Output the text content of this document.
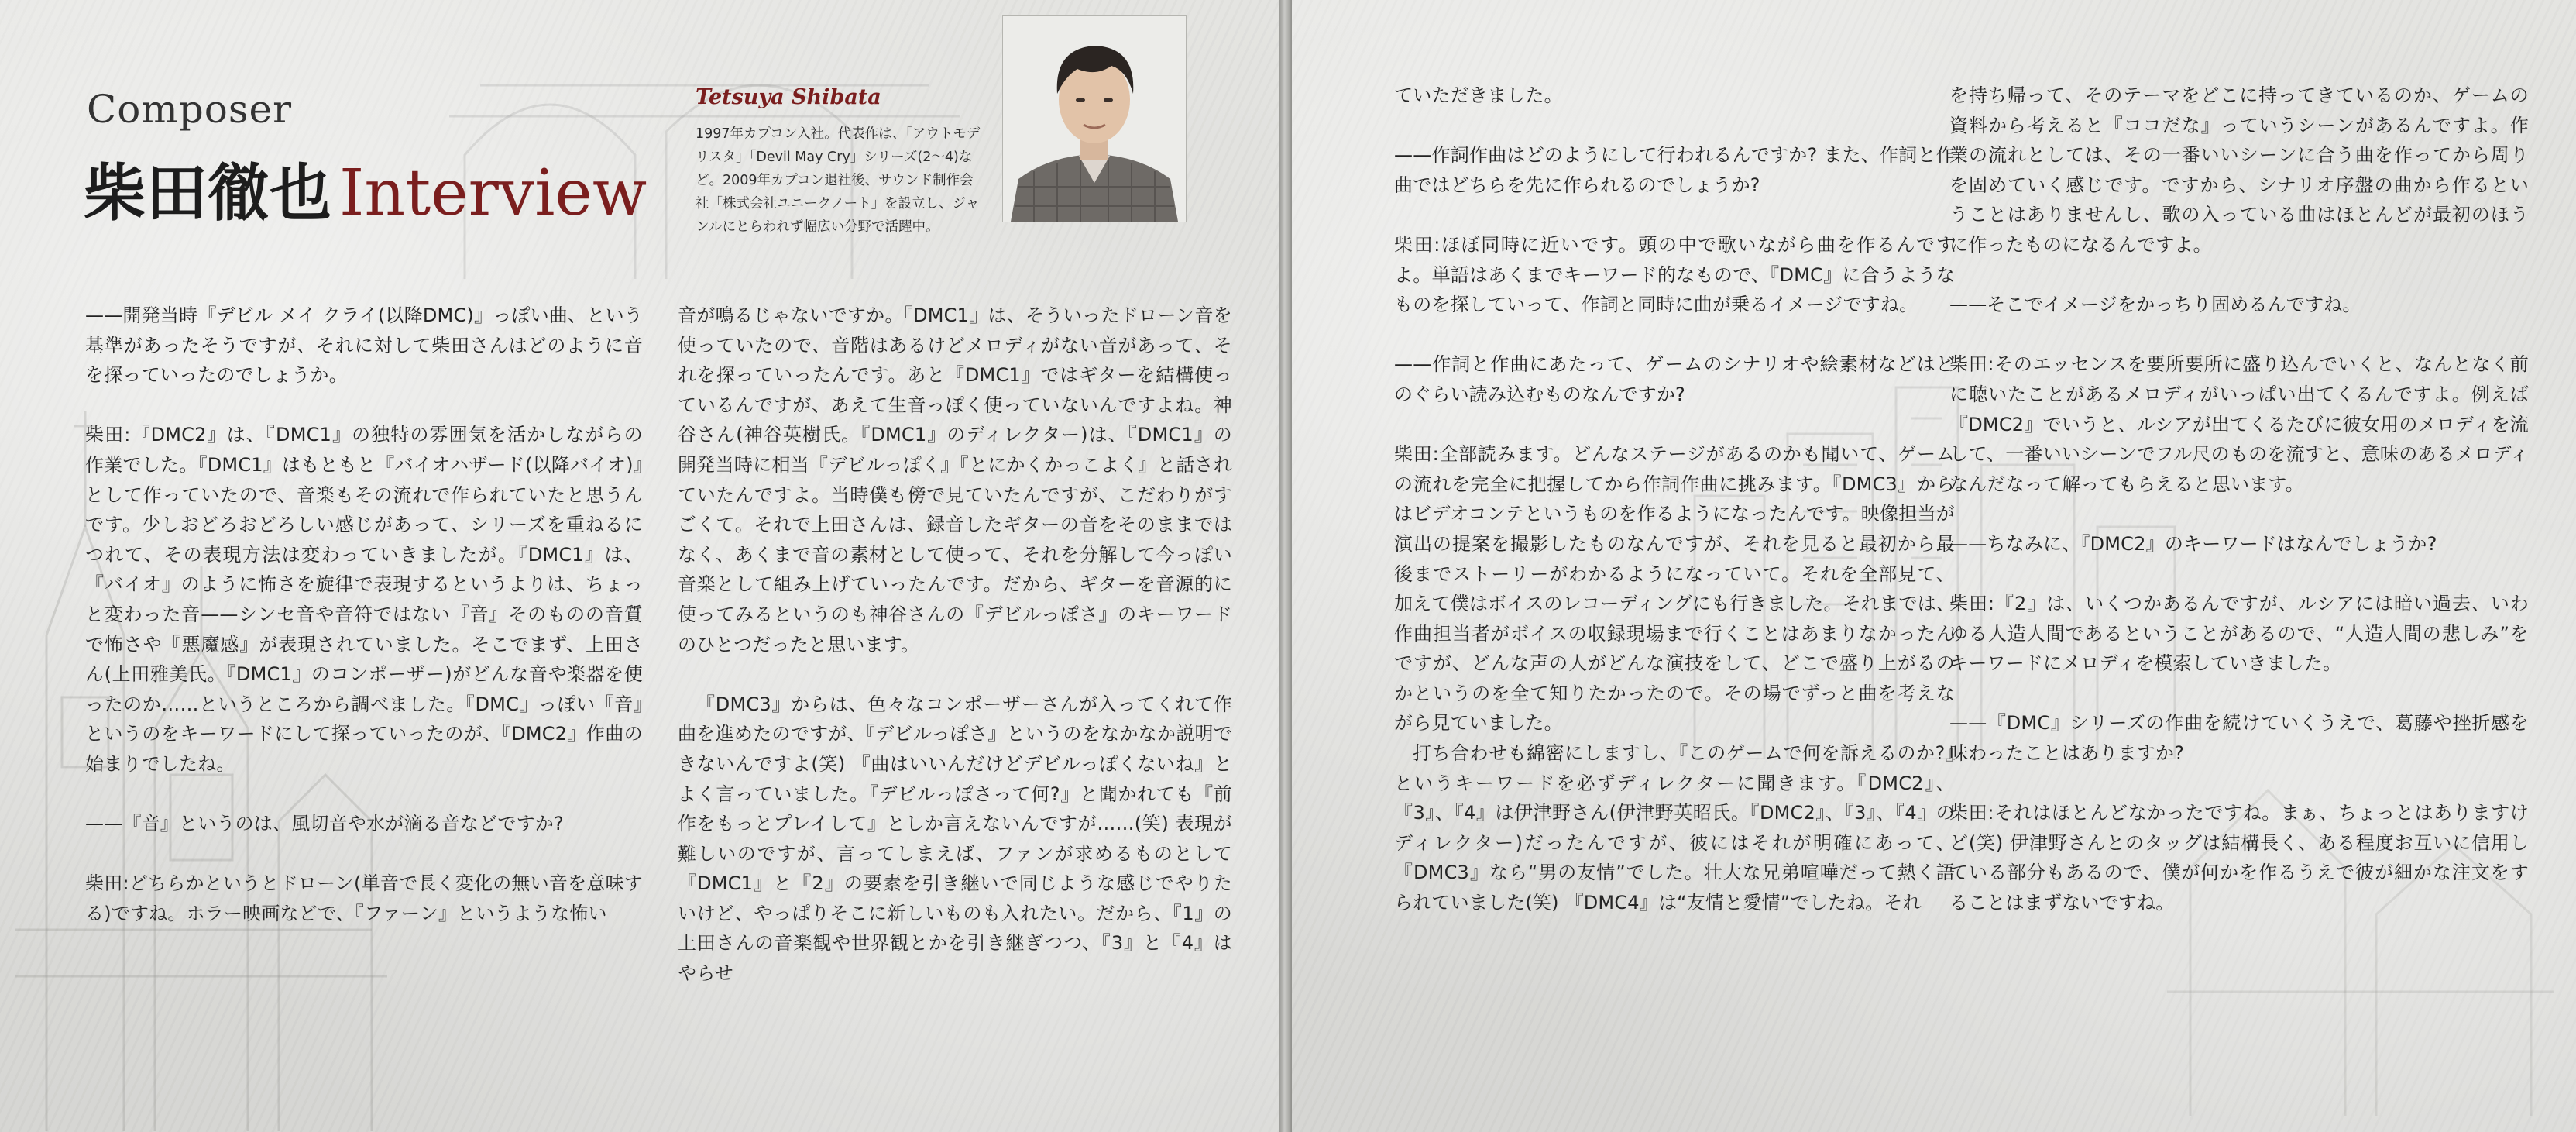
Composer
柴田徹也 Interview
Tetsuya Shibata
1997年カプコン入社。代表作は、「アウトモデリスタ」「Devil May Cry」シリーズ(2〜4)など。2009年カプコン退社後、サウンド制作会社「株式会社ユニークノート」を設立し、ジャンルにとらわれず幅広い分野で活躍中。

——開発当時『デビル メイ クライ(以降DMC)』っぽい曲、という基準があったそうですが、それに対して柴田さんはどのように音を探っていったのでしょうか。

柴田:『DMC2』は、『DMC1』の独特の雰囲気を活かしながらの作業でした。『DMC1』はもともと『バイオハザード(以降バイオ)』として作っていたので、音楽もその流れで作られていたと思うんです。少しおどろおどろしい感じがあって、シリーズを重ねるにつれて、その表現方法は変わっていきましたが。『DMC1』は、『バイオ』のように怖さを旋律で表現するというよりは、ちょっと変わった音——シンセ音や音符ではない『音』そのものの音質で怖さや『悪魔感』が表現されていました。そこでまず、上田さん(上田雅美氏。『DMC1』のコンポーザー)がどんな音や楽器を使ったのか……というところから調べました。『DMC』っぽい『音』というのをキーワードにして探っていったのが、『DMC2』作曲の始まりでしたね。

——『音』というのは、風切音や水が滴る音などですか?

柴田:どちらかというとドローン(単音で長く変化の無い音を意味する)ですね。ホラー映画などで、『ファーン』というような怖い

音が鳴るじゃないですか。『DMC1』は、そういったドローン音を使っていたので、音階はあるけどメロディがない音があって、それを探っていったんです。あと『DMC1』ではギターを結構使っているんですが、あえて生音っぽく使っていないんですよね。神谷さん(神谷英樹氏。『DMC1』のディレクター)は、『DMC1』の開発当時に相当『デビルっぽく』『とにかくかっこよく』と話されていたんですよ。当時僕も傍で見ていたんですが、こだわりがすごくて。それで上田さんは、録音したギターの音をそのままではなく、あくまで音の素材として使って、それを分解して今っぽい音楽として組み上げていったんです。だから、ギターを音源的に使ってみるというのも神谷さんの『デビルっぽさ』のキーワードのひとつだったと思います。

『DMC3』からは、色々なコンポーザーさんが入ってくれて作曲を進めたのですが、『デビルっぽさ』というのをなかなか説明できないんですよ(笑) 『曲はいいんだけどデビルっぽくないね』とよく言っていました。『デビルっぽさって何?』と聞かれても『前作をもっとプレイして』としか言えないんですが……(笑) 表現が難しいのですが、言ってしまえば、ファンが求めるものとして『DMC1』と『2』の要素を引き継いで同じような感じでやりたいけど、やっぱりそこに新しいものも入れたい。だから、『1』の上田さんの音楽観や世界観とかを引き継ぎつつ、『3』と『4』はやらせ

ていただきました。

——作詞作曲はどのようにして行われるんですか? また、作詞と作曲ではどちらを先に作られるのでしょうか?

柴田:ほぼ同時に近いです。頭の中で歌いながら曲を作るんですよ。単語はあくまでキーワード的なもので、『DMC』に合うようなものを探していって、作詞と同時に曲が乗るイメージですね。

——作詞と作曲にあたって、ゲームのシナリオや絵素材などはどのぐらい読み込むものなんですか?

柴田:全部読みます。どんなステージがあるのかも聞いて、ゲームの流れを完全に把握してから作詞作曲に挑みます。『DMC3』からはビデオコンテというものを作るようになったんです。映像担当が演出の提案を撮影したものなんですが、それを見ると最初から最後までストーリーがわかるようになっていて。それを全部見て、加えて僕はボイスのレコーディングにも行きました。それまでは、作曲担当者がボイスの収録現場まで行くことはあまりなかったんですが、どんな声の人がどんな演技をして、どこで盛り上がるのかというのを全て知りたかったので。その場でずっと曲を考えながら見ていました。

打ち合わせも綿密にしますし、『このゲームで何を訴えるのか?』というキーワードを必ずディレクターに聞きます。『DMC2』、『3』、『4』は伊津野さん(伊津野英昭氏。『DMC2』、『3』、『4』のディレクター)だったんですが、彼にはそれが明確にあって、『DMC3』なら“男の友情”でした。壮大な兄弟喧嘩だって熱く語られていました(笑) 『DMC4』は“友情と愛情”でしたね。それ

を持ち帰って、そのテーマをどこに持ってきているのか、ゲームの資料から考えると『ココだな』っていうシーンがあるんですよ。作業の流れとしては、その一番いいシーンに合う曲を作ってから周りを固めていく感じです。ですから、シナリオ序盤の曲から作るということはありませんし、歌の入っている曲はほとんどが最初のほうに作ったものになるんですよ。

——そこでイメージをかっちり固めるんですね。

柴田:そのエッセンスを要所要所に盛り込んでいくと、なんとなく前に聴いたことがあるメロディがいっぱい出てくるんですよ。例えば『DMC2』でいうと、ルシアが出てくるたびに彼女用のメロディを流して、一番いいシーンでフル尺のものを流すと、意味のあるメロディなんだなって解ってもらえると思います。

——ちなみに、『DMC2』のキーワードはなんでしょうか?

柴田:『2』は、いくつかあるんですが、ルシアには暗い過去、いわゆる人造人間であるということがあるので、“人造人間の悲しみ”をキーワードにメロディを模索していきました。

——『DMC』シリーズの作曲を続けていくうえで、葛藤や挫折感を味わったことはありますか?

柴田:それはほとんどなかったですね。まぁ、ちょっとはありますけど(笑) 伊津野さんとのタッグは結構長く、ある程度お互いに信用している部分もあるので、僕が何かを作るうえで彼が細かな注文をすることはまずないですね。
